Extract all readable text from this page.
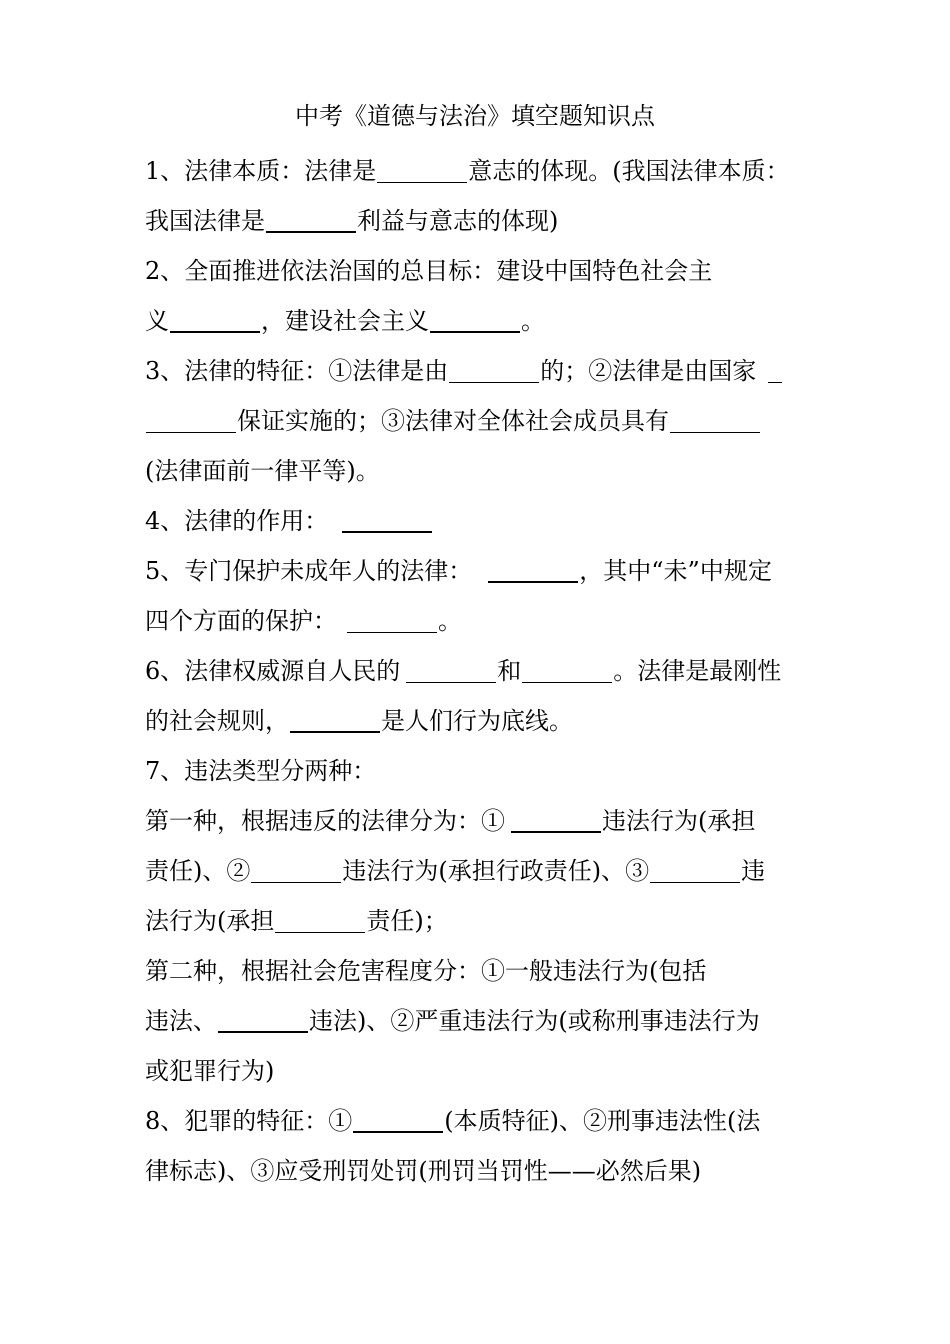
中考《道德与法治》填空题知识点
1、法律本质：法律是	意志的体现。(我国法律本质：
我国法律是	利益与意志的体现)
2、全面推进依法治国的总目标：建设中国特色社会主
义	，建设社会主义	。
3、法律的特征：①法律是由	的；②法律是由国家
保证实施的；③法律对全体社会成员具有
(法律面前一律平等)。
4、法律的作用：
5、专门保护未成年人的法律：	，其中“未”中规定
四个方面的保护：	。
6、法律权威源自人民的	和	。法律是最刚性
的社会规则，	是人们行为底线。
7、违法类型分两种：
第一种，根据违反的法律分为：①	违法行为(承担
责任)、②	违法行为(承担行政责任)、③	违
法行为(承担	责任)；
第二种，根据社会危害程度分：①一般违法行为(包括
违法、	违法)、②严重违法行为(或称刑事违法行为
或犯罪行为)
8、犯罪的特征：①	(本质特征)、②刑事违法性(法
律标志)、③应受刑罚处罚(刑罚当罚性——必然后果)
